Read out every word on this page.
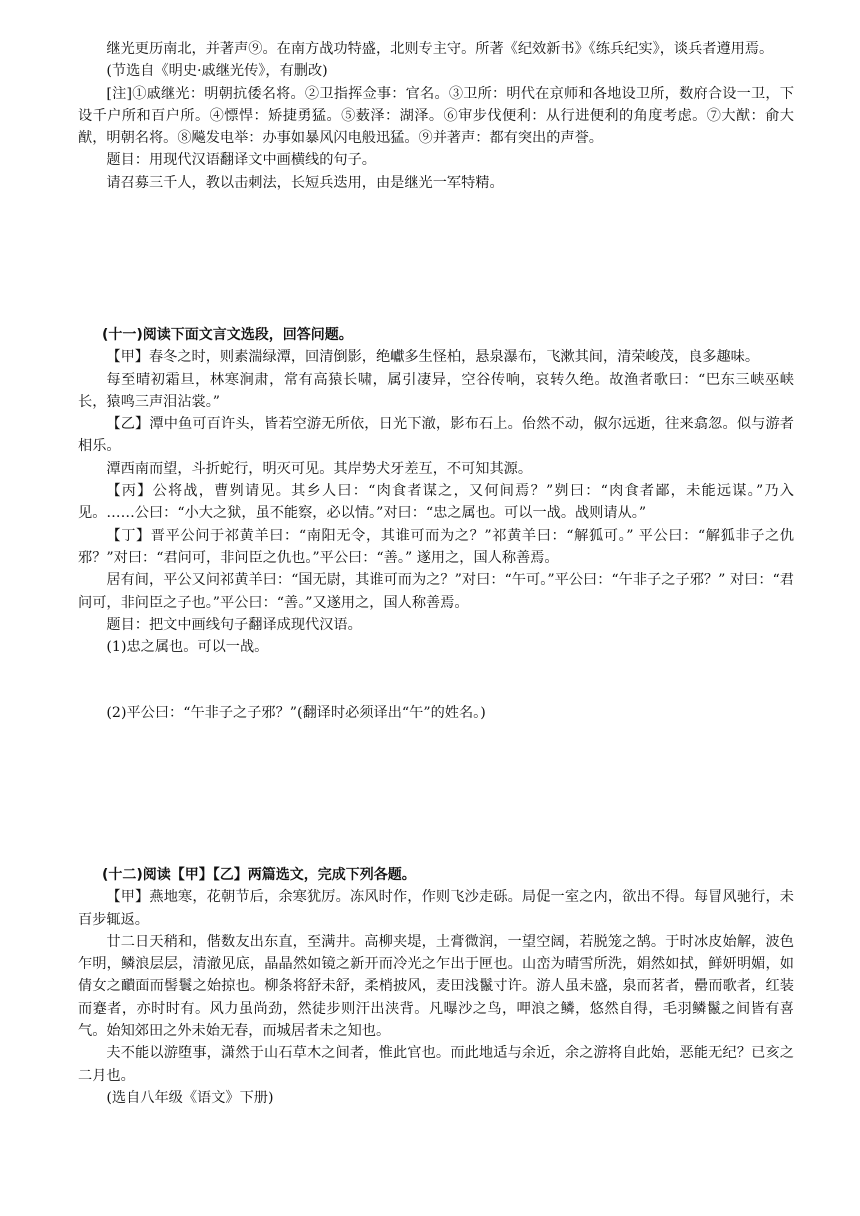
继光更历南北，并著声⑨。在南方战功特盛，北则专主守。所著《纪效新书》《练兵纪实》，谈兵者遵用焉。

(节选自《明史·戚继光传》，有删改)

[注]①戚继光：明朝抗倭名将。②卫指挥佥事：官名。③卫所：明代在京师和各地设卫所，数府合设一卫，下设千户所和百户所。④慓悍：矫捷勇猛。⑤薮泽：湖泽。⑥审步伐便利：从行进便利的角度考虑。⑦大猷：俞大猷，明朝名将。⑧飚发电举：办事如暴风闪电般迅猛。⑨并著声：都有突出的声誉。

题目：用现代汉语翻译文中画横线的句子。

请召募三千人，教以击刺法，长短兵迭用，由是继光一军特精。

(十一)阅读下面文言文选段，回答问题。

【甲】春冬之时，则素湍绿潭，回清倒影，绝巘多生怪柏，悬泉瀑布，飞漱其间，清荣峻茂，良多趣味。

每至晴初霜旦，林寒涧肃，常有高猿长啸，属引凄异，空谷传响，哀转久绝。故渔者歌曰：“巴东三峡巫峡长，猿鸣三声泪沾裳。”

【乙】潭中鱼可百许头，皆若空游无所依，日光下澈，影布石上。佁然不动，俶尔远逝，往来翕忽。似与游者相乐。

潭西南而望，斗折蛇行，明灭可见。其岸势犬牙差互，不可知其源。

【丙】公将战，曹刿请见。其乡人曰：“肉食者谋之，又何间焉？”刿曰：“肉食者鄙，未能远谋。”乃入见。……公曰：“小大之狱，虽不能察，必以情。”对曰：“忠之属也。可以一战。战则请从。”

【丁】晋平公问于祁黄羊曰：“南阳无令，其谁可而为之？”祁黄羊曰：“解狐可。” 平公曰：“解狐非子之仇邪？”对曰：“君问可，非问臣之仇也。”平公曰：“善。” 遂用之，国人称善焉。

居有间，平公又问祁黄羊曰：“国无尉，其谁可而为之？”对曰：“午可。”平公曰：“午非子之子邪？” 对曰：“君问可，非问臣之子也。”平公曰：“善。”又遂用之，国人称善焉。

题目：把文中画线句子翻译成现代汉语。

(1)忠之属也。可以一战。

(2)平公曰：“午非子之子邪？”(翻译时必须译出“午”的姓名。)

(十二)阅读【甲】【乙】两篇选文，完成下列各题。

【甲】燕地寒，花朝节后，余寒犹厉。冻风时作，作则飞沙走砾。局促一室之内，欲出不得。每冒风驰行，未百步辄返。

廿二日天稍和，偕数友出东直，至满井。高柳夹堤，土膏微润，一望空阔，若脱笼之鹄。于时冰皮始解，波色乍明，鳞浪层层，清澈见底，晶晶然如镜之新开而冷光之乍出于匣也。山峦为晴雪所洗，娟然如拭，鲜妍明媚，如倩女之靧面而髻鬟之始掠也。柳条将舒未舒，柔梢披风，麦田浅鬣寸许。游人虽未盛，泉而茗者，罍而歌者，红装而蹇者，亦时时有。风力虽尚劲，然徒步则汗出浃背。凡曝沙之鸟，呷浪之鳞，悠然自得，毛羽鳞鬣之间皆有喜气。始知郊田之外未始无春，而城居者未之知也。

夫不能以游堕事，潇然于山石草木之间者，惟此官也。而此地适与余近，余之游将自此始，恶能无纪？已亥之二月也。

(选自八年级《语文》下册)
